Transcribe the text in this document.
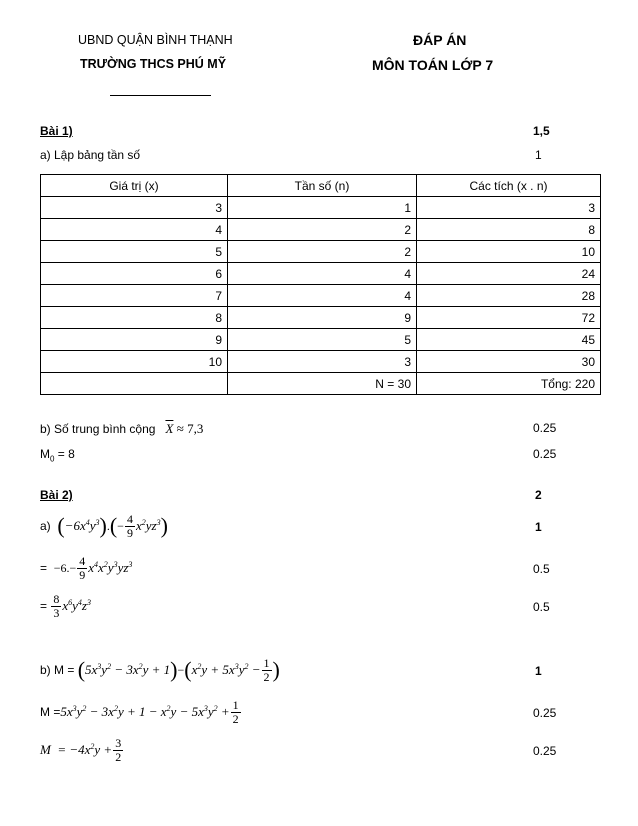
UBND QUẬN BÌNH THẠNH
TRƯỜNG THCS PHÚ MỸ
ĐÁP ÁN
MÔN TOÁN LỚP 7
Bài 1)	1,5
a) Lập bảng tần số	1
Giá trị (x)	Tần số (n)	Các tích (x . n)
3	1	3
4	2	8
5	2	10
6	4	24
7	4	28
8	9	72
9	5	45
10	3	30
	N = 30	Tổng: 220
b) Số trung bình cộng $\overline{X} \approx 7,3$	0.25
$M_0 = 8$	0.25
Bài 2)	2
a)
( $-6x^4y^3$ ) . ( − $\frac{4}{9} x^2yz^3$ )	1
= $-6.- \frac{4}{9} x^4x^2y^3yz^3$	0.5
= $\frac{8}{3} x^6y^4z^3$	0.5
b) M =
( $5x^3y^2 - 3x^2y + 1$ ) − ( $x^2y + 5x^3y^2 - \frac{1}{2}$ )	1
$M = 5x^3y^2 - 3x^2y + 1 - x^2y - 5x^3y^2 + \frac{1}{2}$	0.25
$M = -4x^2y + \frac{3}{2}$	0.25
